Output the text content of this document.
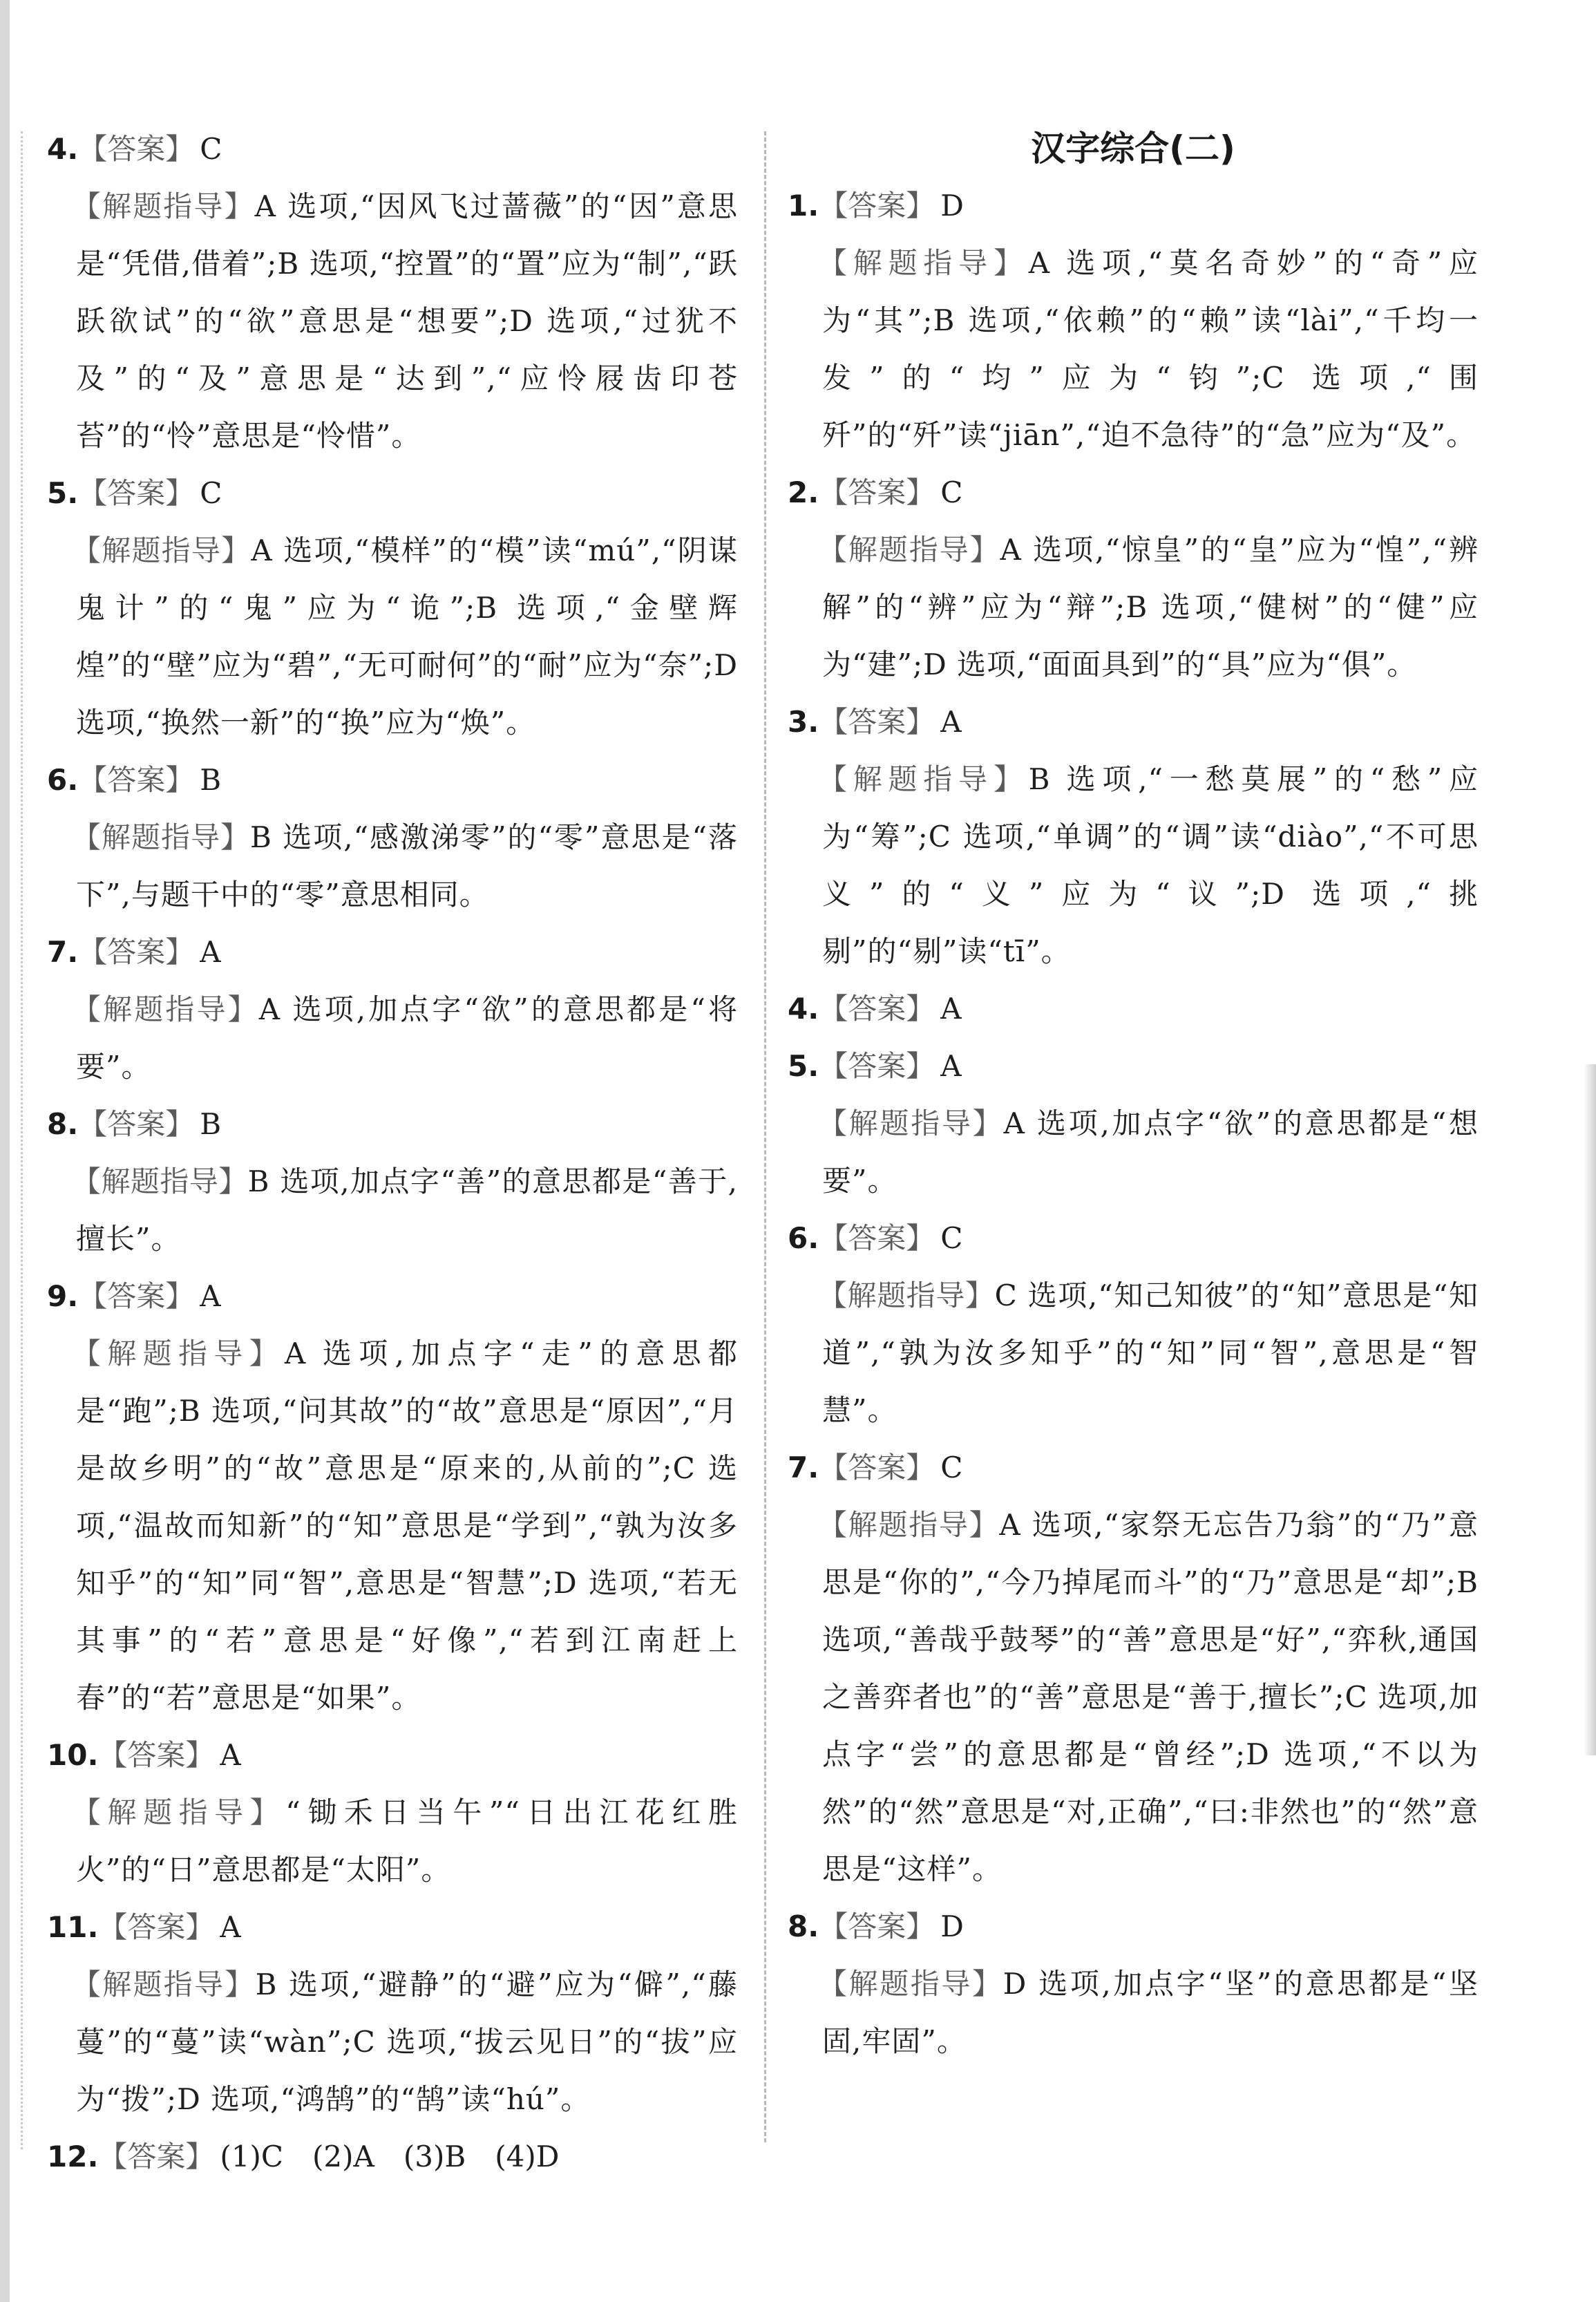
4.【答案】 C

【解题指导】A 选项,“因风飞过蔷薇”的“因”意思是“凭借,借着”;B 选项,“控置”的“置”应为“制”,“跃跃欲试”的“欲”意思是“想要”;D 选项,“过犹不及”的“及”意思是“达到”,“应怜屐齿印苍苔”的“怜”意思是“怜惜”。

5.【答案】 C

【解题指导】A 选项,“模样”的“模”读“mú”,“阴谋鬼计”的“鬼”应为“诡”;B 选项,“金壁辉煌”的“壁”应为“碧”,“无可耐何”的“耐”应为“奈”;D 选项,“换然一新”的“换”应为“焕”。

6.【答案】 B

【解题指导】B 选项,“感激涕零”的“零”意思是“落下”,与题干中的“零”意思相同。

7.【答案】 A

【解题指导】A 选项,加点字“欲”的意思都是“将要”。

8.【答案】 B

【解题指导】B 选项,加点字“善”的意思都是“善于,擅长”。

9.【答案】 A

【解题指导】A 选项,加点字“走”的意思都是“跑”;B 选项,“问其故”的“故”意思是“原因”,“月是故乡明”的“故”意思是“原来的,从前的”;C 选项,“温故而知新”的“知”意思是“学到”,“孰为汝多知乎”的“知”同“智”,意思是“智慧”;D 选项,“若无其事”的“若”意思是“好像”,“若到江南赶上春”的“若”意思是“如果”。

10.【答案】 A

【解题指导】“锄禾日当午”“日出江花红胜火”的“日”意思都是“太阳”。

11.【答案】 A

【解题指导】B 选项,“避静”的“避”应为“僻”,“藤蔓”的“蔓”读“wàn”;C 选项,“拔云见日”的“拔”应为“拨”;D 选项,“鸿鹄”的“鹄”读“hú”。

12.【答案】 (1)C　(2)A　(3)B　(4)D
汉字综合(二)
1.【答案】 D

【解题指导】A 选项,“莫名奇妙”的“奇”应为“其”;B 选项,“依赖”的“赖”读“lài”,“千均一发”的“均”应为“钧”;C 选项,“围歼”的“歼”读“jiān”,“迫不急待”的“急”应为“及”。

2.【答案】 C

【解题指导】A 选项,“惊皇”的“皇”应为“惶”,“辨解”的“辨”应为“辩”;B 选项,“健树”的“健”应为“建”;D 选项,“面面具到”的“具”应为“俱”。

3.【答案】 A

【解题指导】B 选项,“一愁莫展”的“愁”应为“筹”;C 选项,“单调”的“调”读“diào”,“不可思义”的“义”应为“议”;D 选项,“挑剔”的“剔”读“tī”。

4.【答案】 A
5.【答案】 A

【解题指导】A 选项,加点字“欲”的意思都是“想要”。

6.【答案】 C

【解题指导】C 选项,“知己知彼”的“知”意思是“知道”,“孰为汝多知乎”的“知”同“智”,意思是“智慧”。

7.【答案】 C

【解题指导】A 选项,“家祭无忘告乃翁”的“乃”意思是“你的”,“今乃掉尾而斗”的“乃”意思是“却”;B 选项,“善哉乎鼓琴”的“善”意思是“好”,“弈秋,通国之善弈者也”的“善”意思是“善于,擅长”;C 选项,加点字“尝”的意思都是“曾经”;D 选项,“不以为然”的“然”意思是“对,正确”,“曰:非然也”的“然”意思是“这样”。

8.【答案】 D

【解题指导】D 选项,加点字“坚”的意思都是“坚固,牢固”。
